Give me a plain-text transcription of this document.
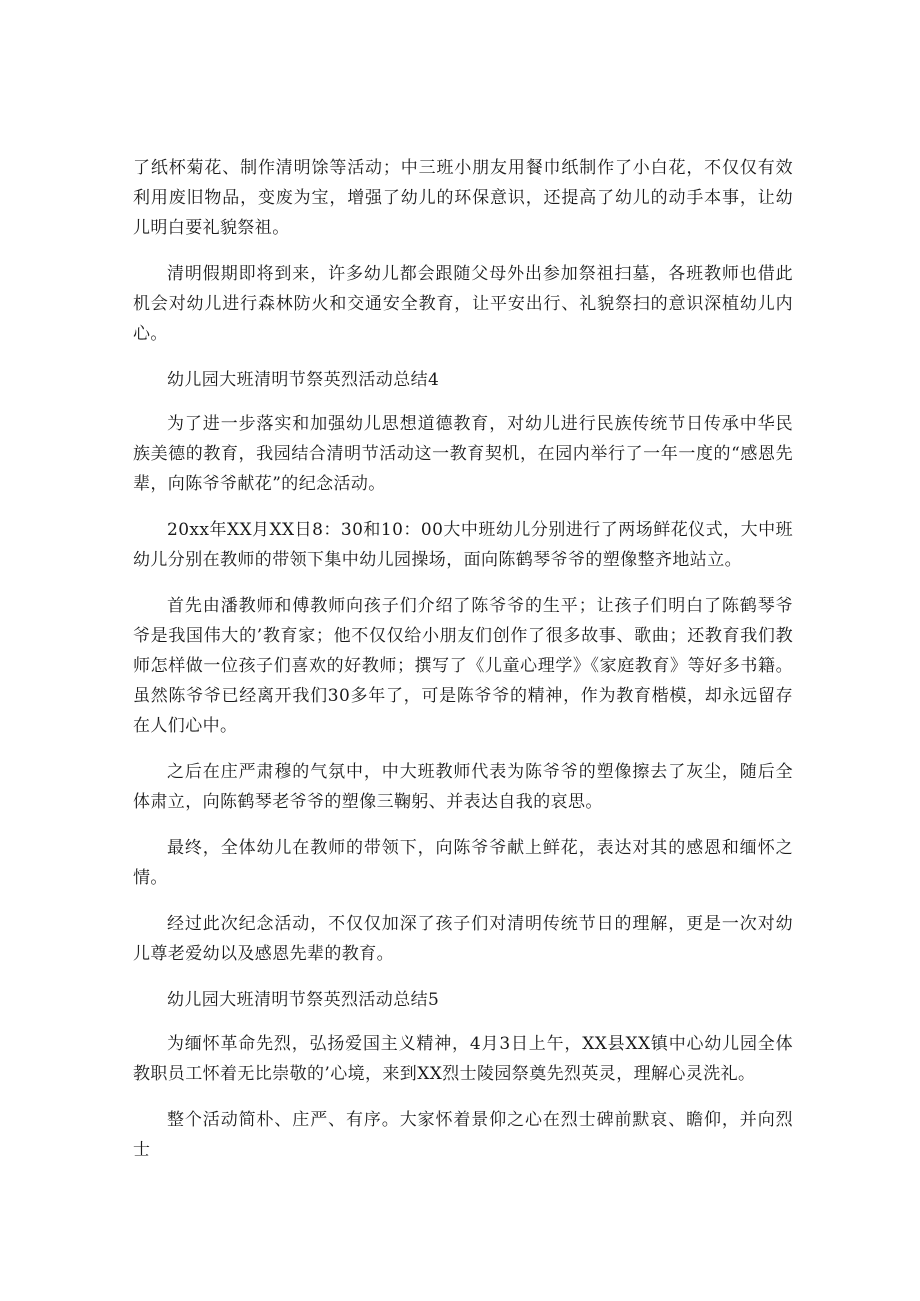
了纸杯菊花、制作清明馀等活动；中三班小朋友用餐巾纸制作了小白花，不仅仅有效利用废旧物品，变废为宝，增强了幼儿的环保意识，还提高了幼儿的动手本事，让幼儿明白要礼貌祭祖。

清明假期即将到来，许多幼儿都会跟随父母外出参加祭祖扫墓，各班教师也借此机会对幼儿进行森林防火和交通安全教育，让平安出行、礼貌祭扫的意识深植幼儿内心。

幼儿园大班清明节祭英烈活动总结4

为了进一步落实和加强幼儿思想道德教育，对幼儿进行民族传统节日传承中华民族美德的教育，我园结合清明节活动这一教育契机，在园内举行了一年一度的“感恩先辈，向陈爷爷献花”的纪念活动。

20xx年XX月XX日8：30和10：00大中班幼儿分别进行了两场鲜花仪式，大中班幼儿分别在教师的带领下集中幼儿园操场，面向陈鹤琴爷爷的塑像整齐地站立。

首先由潘教师和傅教师向孩子们介绍了陈爷爷的生平；让孩子们明白了陈鹤琴爷爷是我国伟大的’教育家；他不仅仅给小朋友们创作了很多故事、歌曲；还教育我们教师怎样做一位孩子们喜欢的好教师；撰写了《儿童心理学》《家庭教育》等好多书籍。虽然陈爷爷已经离开我们30多年了，可是陈爷爷的精神，作为教育楷模，却永远留存在人们心中。

之后在庄严肃穆的气氛中，中大班教师代表为陈爷爷的塑像擦去了灰尘，随后全体肃立，向陈鹤琴老爷爷的塑像三鞠躬、并表达自我的哀思。

最终，全体幼儿在教师的带领下，向陈爷爷献上鲜花，表达对其的感恩和缅怀之情。

经过此次纪念活动，不仅仅加深了孩子们对清明传统节日的理解，更是一次对幼儿尊老爱幼以及感恩先辈的教育。

幼儿园大班清明节祭英烈活动总结5

为缅怀革命先烈，弘扬爱国主义精神，4月3日上午，XX县XX镇中心幼儿园全体教职员工怀着无比崇敬的’心境，来到XX烈士陵园祭奠先烈英灵，理解心灵洗礼。

整个活动简朴、庄严、有序。大家怀着景仰之心在烈士碑前默哀、瞻仰，并向烈士
